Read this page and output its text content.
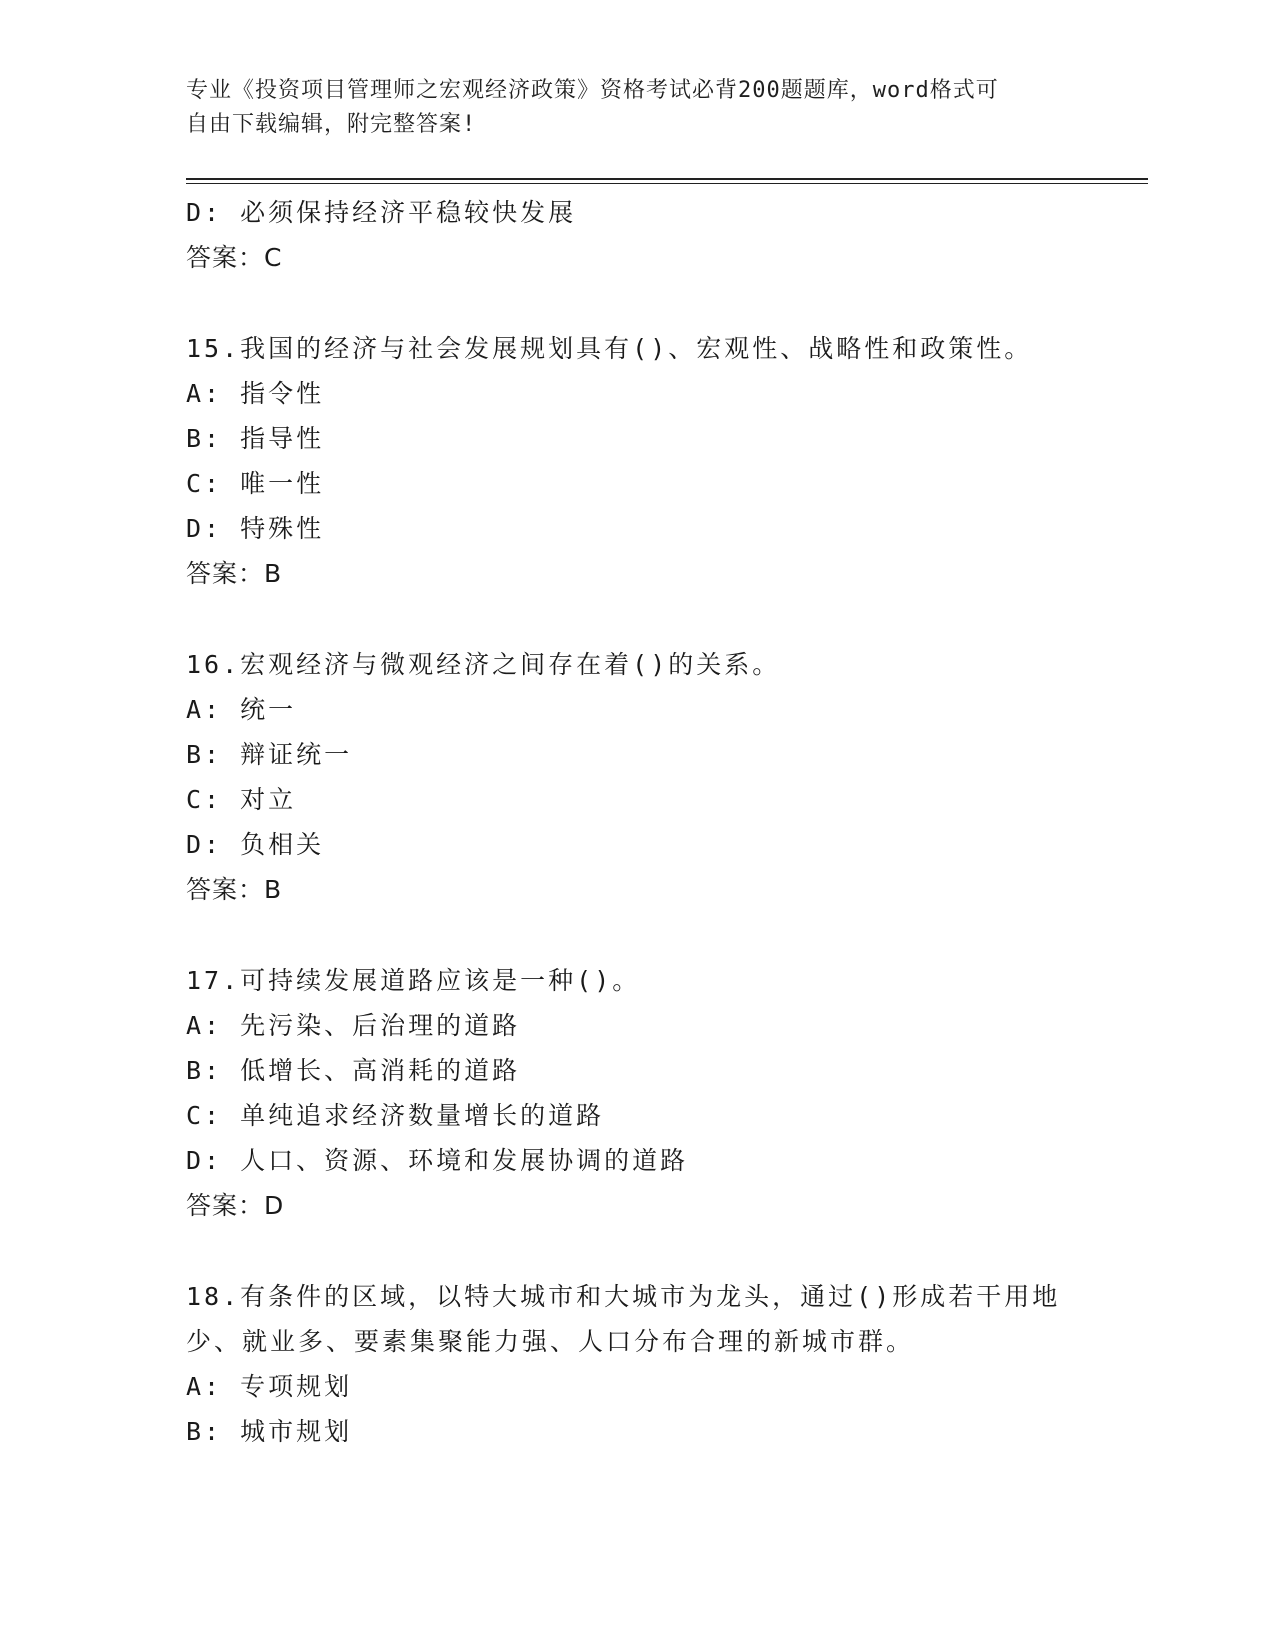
专业《投资项目管理师之宏观经济政策》资格考试必背200题题库，word格式可
自由下载编辑，附完整答案!
D: 必须保持经济平稳较快发展
答案：C
15.我国的经济与社会发展规划具有()、宏观性、战略性和政策性。
A: 指令性
B: 指导性
C: 唯一性
D: 特殊性
答案：B
16.宏观经济与微观经济之间存在着()的关系。
A: 统一
B: 辩证统一
C: 对立
D: 负相关
答案：B
17.可持续发展道路应该是一种()。
A: 先污染、后治理的道路
B: 低增长、高消耗的道路
C: 单纯追求经济数量增长的道路
D: 人口、资源、环境和发展协调的道路
答案：D
18.有条件的区域，以特大城市和大城市为龙头，通过()形成若干用地
少、就业多、要素集聚能力强、人口分布合理的新城市群。
A: 专项规划
B: 城市规划
